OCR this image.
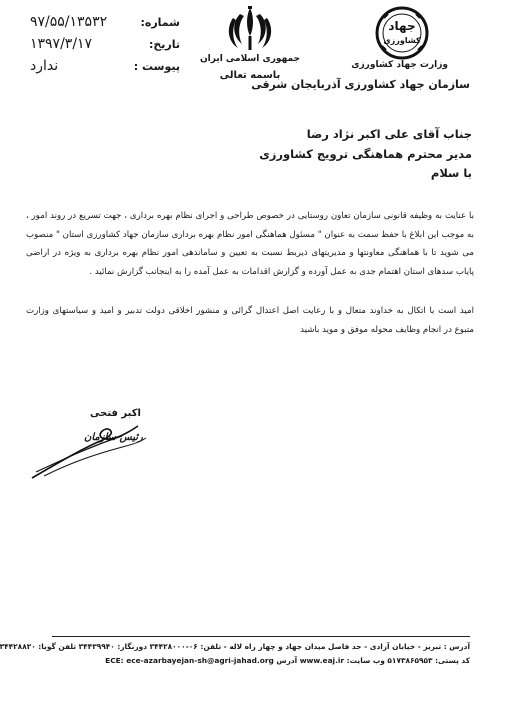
شماره:
۹۷/۵۵/۱۳۵۳۲
تاریخ:
۱۳۹۷/۳/۱۷
پیوست :
ندارد	جمهوری اسلامی ایران
باسمه تعالی
جهاد
کشاورزی
وزارت جهاد کشاورزی
سازمان جهاد کشاورزی آذربایجان شرقی
جناب آقای علی اکبر نژاد رضا
مدیر محترم هماهنگی ترویج کشاورزی
با سلام
با عنایت به وظیفه قانونی سازمان تعاون روستایی در خصوص طراحی و اجرای نظام بهره برداری ، جهت تسریع در روند امور ، به موجب این ابلاغ با حفظ سمت به عنوان " مسئول هماهنگی امور نظام بهره برداری سازمان جهاد کشاورزی استان " منصوب می شوید تا با هماهنگی معاونتها و مدیریتهای ذیربط نسبت به تعیین و ساماندهی امور نظام بهره برداری به ویژه در اراضی پایاب سدهای استان اهتمام جدی به عمل آورده و گزارش اقدامات به عمل آمده را به اینجانب گزارش نمائید .
امید است با اتکال به خداوند متعال و با رعایت اصل اعتدال گرائی و منشور اخلاقی دولت تدبیر و امید و سیاستهای وزارت متبوع در انجام وظایف محوله موفق و موید باشید
اکبر فتحی
رئیس سازمان
آدرس : تبریز - خیابان آزادی - حد فاصل میدان جهاد و چهار راه لاله - تلفن: ۰۶-۳۴۴۲۸۰۰۰ دورنگار: ۳۴۴۳۹۹۴۰ تلفن گویا: ۳۴۴۲۸۸۲۰
کد پستی: ۵۱۷۳۸۶۵۹۵۳ وب سایت: www.eaj.ir آدرس ECE: ece-azarbayejan-sh@agri-jahad.org
